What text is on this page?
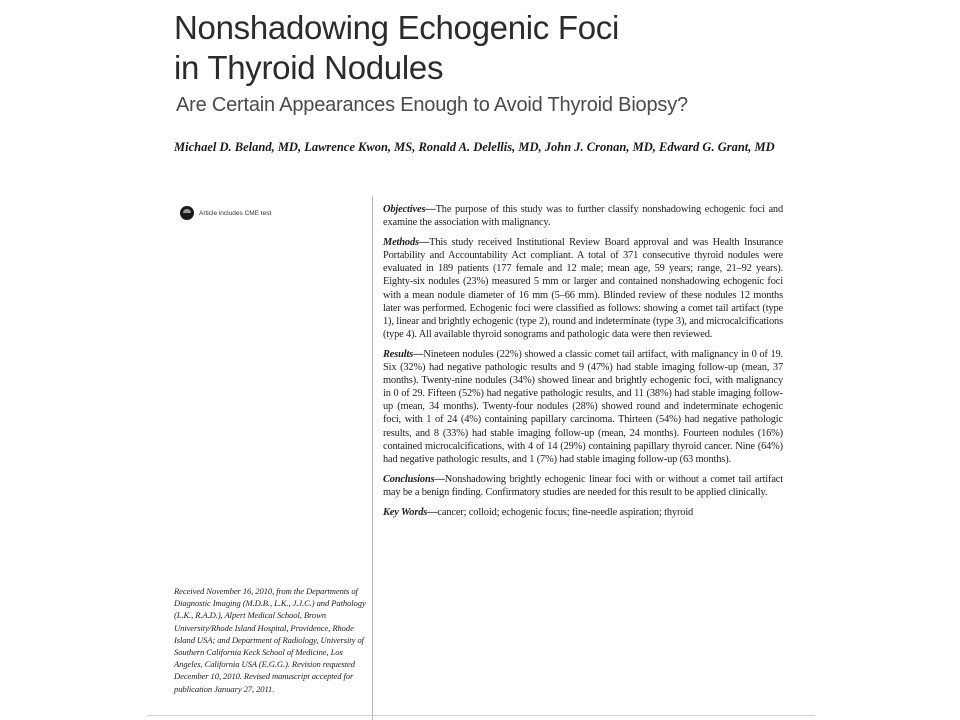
Nonshadowing Echogenic Foci
in Thyroid Nodules
Are Certain Appearances Enough to Avoid Thyroid Biopsy?
Michael D. Beland, MD, Lawrence Kwon, MS, Ronald A. Delellis, MD, John J. Cronan, MD, Edward G. Grant, MD
Article includes CME test	Objectives—The purpose of this study was to further classify nonshadowing echogenic foci and examine the association with malignancy.

Methods—This study received Institutional Review Board approval and was Health Insurance Portability and Accountability Act compliant. A total of 371 consecutive thyroid nodules were evaluated in 189 patients (177 female and 12 male; mean age, 59 years; range, 21–92 years). Eighty-six nodules (23%) measured 5 mm or larger and contained nonshadowing echogenic foci with a mean nodule diameter of 16 mm (5–66 mm). Blinded review of these nodules 12 months later was performed. Echogenic foci were classified as follows: showing a comet tail artifact (type 1), linear and brightly echogenic (type 2), round and indeterminate (type 3), and microcalcifications (type 4). All available thyroid sonograms and pathologic data were then reviewed.

Results—Nineteen nodules (22%) showed a classic comet tail artifact, with malignancy in 0 of 19. Six (32%) had negative pathologic results and 9 (47%) had stable imaging follow-up (mean, 37 months). Twenty-nine nodules (34%) showed linear and brightly echogenic foci, with malignancy in 0 of 29. Fifteen (52%) had negative pathologic results, and 11 (38%) had stable imaging follow-up (mean, 34 months). Twenty-four nodules (28%) showed round and indeterminate echogenic foci, with 1 of 24 (4%) containing papillary carcinoma. Thirteen (54%) had negative pathologic results, and 8 (33%) had stable imaging follow-up (mean, 24 months). Fourteen nodules (16%) contained microcalcifications, with 4 of 14 (29%) containing papillary thyroid cancer. Nine (64%) had negative pathologic results, and 1 (7%) had stable imaging follow-up (63 months).

Conclusions—Nonshadowing brightly echogenic linear foci with or without a comet tail artifact may be a benign finding. Confirmatory studies are needed for this result to be applied clinically.

Key Words—cancer; colloid; echogenic focus; fine-needle aspiration; thyroid

Received November 16, 2010, from the Departments of Diagnostic Imaging (M.D.B., L.K., J.J.C.) and Pathology (L.K., R.A.D.), Alpert Medical School, Brown University/Rhode Island Hospital, Providence, Rhode Island USA; and Department of Radiology, University of Southern California Keck School of Medicine, Los Angeles, California USA (E.G.G.). Revision requested December 10, 2010. Revised manuscript accepted for publication January 27, 2011.
